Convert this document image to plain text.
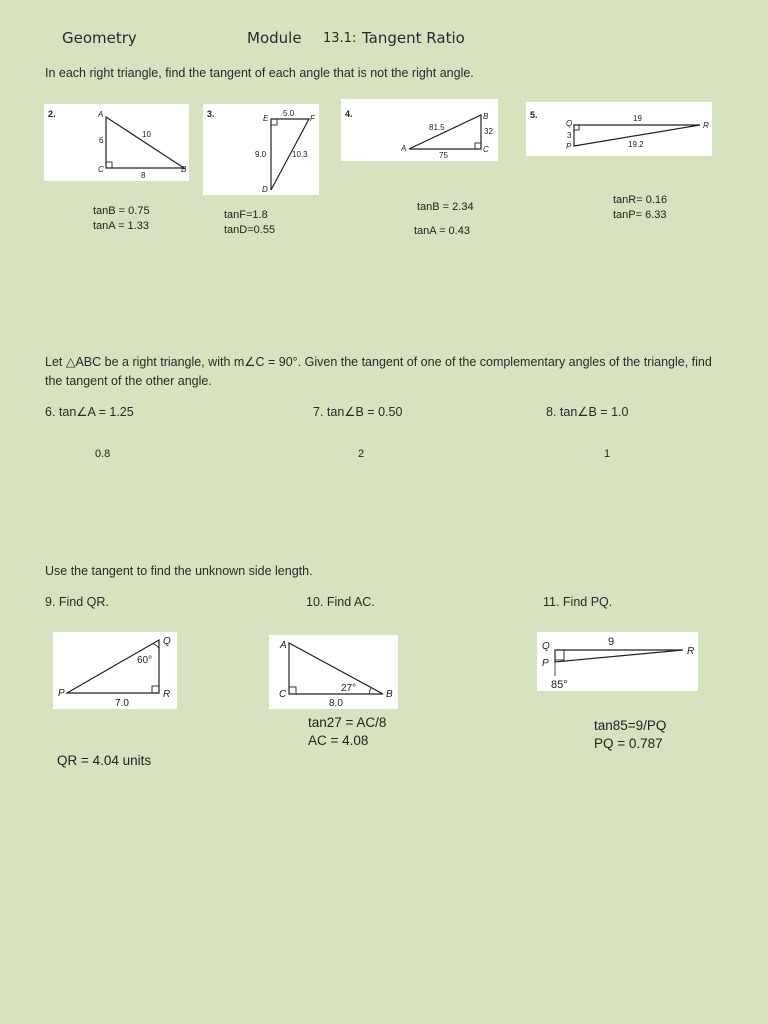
Geometry	Module 13.1: Tangent Ratio
In each right triangle, find the tangent of each angle that is not the right angle.
2.	A
C	B
6
10
8
tanB = 0.75
tanA = 1.33
3.	E	F
D
5.0
9.0	10.3
tanF=1.8
tanD=0.55
4.
A
B
C
81.5	32
75
tanB = 2.34
tanA = 0.43
5.
Q
P
R
19
3
19.2
tanR= 0.16
tanP= 6.33
Let △ABC be a right triangle, with m∠C = 90°. Given the tangent of one of the complementary angles of the triangle, find the tangent of the other angle.
6. tan∠A = 1.25	7. tan∠B = 0.50	8. tan∠B = 1.0
0.8	2	1
Use the tangent to find the unknown side length.
9. Find QR.	10. Find AC.	11. Find PQ.
Q
P	R
60°
7.0
QR = 4.04 units
A
C	B
27°
8.0
tan27 = AC/8
AC = 4.08
Q
P
R
85°
9
tan85=9/PQ
PQ = 0.787
